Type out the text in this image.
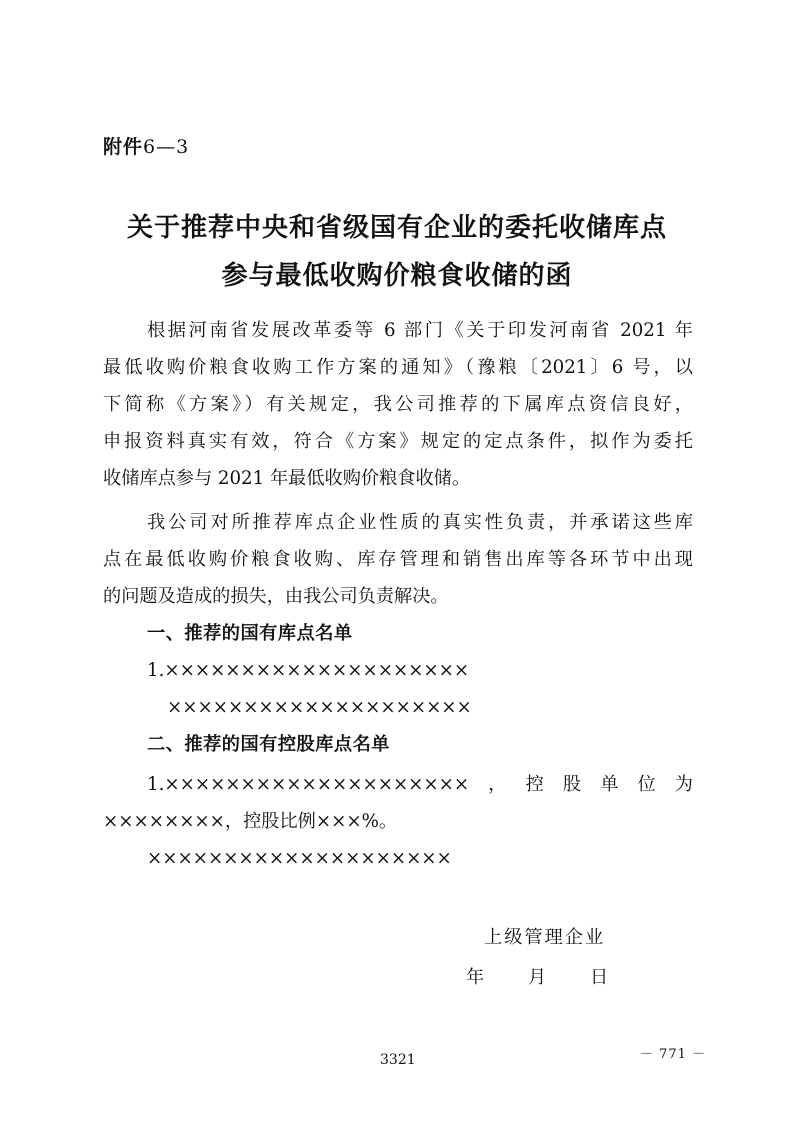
附件6—3
关于推荐中央和省级国有企业的委托收储库点
参与最低收购价粮食收储的函
根据河南省发展改革委等 6 部门《关于印发河南省 2021 年
最低收购价粮食收购工作方案的通知》（豫粮〔2021〕6 号，以
下简称《方案》）有关规定，我公司推荐的下属库点资信良好，
申报资料真实有效，符合《方案》规定的定点条件，拟作为委托
收储库点参与 2021 年最低收购价粮食收储。
我公司对所推荐库点企业性质的真实性负责，并承诺这些库
点在最低收购价粮食收购、库存管理和销售出库等各环节中出现
的问题及造成的损失，由我公司负责解决。
一、推荐的国有库点名单
1.××××××××××××××××××××
××××××××××××××××××××
二、推荐的国有控股库点名单
1.××××××××××××××××××××，控股单位为
××××××××，控股比例×××%。
××××××××××××××××××××
上级管理企业
年 月 日
－ 771 －
3321
